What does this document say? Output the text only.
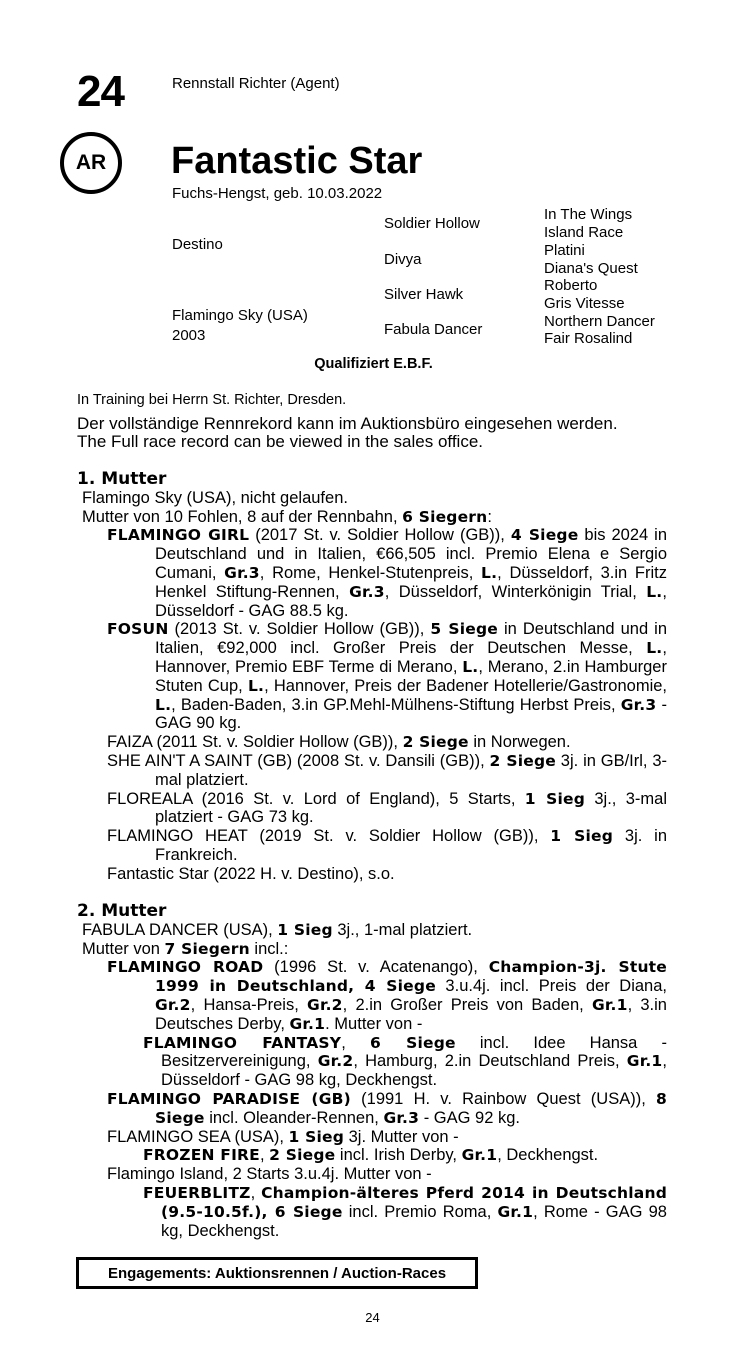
24	Rennstall Richter (Agent)
AR Fantastic Star
Fuchs-Hengst, geb. 10.03.2022
Destino
Flamingo Sky (USA)
2003
Soldier Hollow
Divya
Silver Hawk
Fabula Dancer
In The Wings
Island Race
Platini
Diana's Quest
Roberto
Gris Vitesse
Northern Dancer
Fair Rosalind
Qualifiziert E.B.F.
In Training bei Herrn St. Richter, Dresden.
Der vollständige Rennrekord kann im Auktionsbüro eingesehen werden.
The Full race record can be viewed in the sales office.
1. Mutter
Flamingo Sky (USA), nicht gelaufen.
Mutter von 10 Fohlen, 8 auf der Rennbahn, 6 Siegern:
FLAMINGO GIRL (2017 St. v. Soldier Hollow (GB)), 4 Siege bis 2024 in Deutschland und in Italien, €66,505 incl. Premio Elena e Sergio Cumani, Gr.3, Rome, Henkel-Stutenpreis, L., Düsseldorf, 3.in Fritz Henkel Stiftung-Rennen, Gr.3, Düsseldorf, Winterkönigin Trial, L., Düsseldorf - GAG 88.5 kg.
FOSUN (2013 St. v. Soldier Hollow (GB)), 5 Siege in Deutschland und in Italien, €92,000 incl. Großer Preis der Deutschen Messe, L., Hannover, Premio EBF Terme di Merano, L., Merano, 2.in Hamburger Stuten Cup, L., Hannover, Preis der Badener Hotellerie/Gastronomie, L., Baden-Baden, 3.in GP.Mehl-Mülhens-Stiftung Herbst Preis, Gr.3 - GAG 90 kg.
FAIZA (2011 St. v. Soldier Hollow (GB)), 2 Siege in Norwegen.
SHE AIN'T A SAINT (GB) (2008 St. v. Dansili (GB)), 2 Siege 3j. in GB/Irl, 3-mal platziert.
FLOREALA (2016 St. v. Lord of England), 5 Starts, 1 Sieg 3j., 3-mal platziert - GAG 73 kg.
FLAMINGO HEAT (2019 St. v. Soldier Hollow (GB)), 1 Sieg 3j. in Frankreich.
Fantastic Star (2022 H. v. Destino), s.o.
2. Mutter
FABULA DANCER (USA), 1 Sieg 3j., 1-mal platziert.
Mutter von 7 Siegern incl.:
FLAMINGO ROAD (1996 St. v. Acatenango), Champion-3j. Stute 1999 in Deutschland, 4 Siege 3.u.4j. incl. Preis der Diana, Gr.2, Hansa-Preis, Gr.2, 2.in Großer Preis von Baden, Gr.1, 3.in Deutsches Derby, Gr.1. Mutter von -
FLAMINGO FANTASY, 6 Siege incl. Idee Hansa - Besitzervereinigung, Gr.2, Hamburg, 2.in Deutschland Preis, Gr.1, Düsseldorf - GAG 98 kg, Deckhengst.
FLAMINGO PARADISE (GB) (1991 H. v. Rainbow Quest (USA)), 8 Siege incl. Oleander-Rennen, Gr.3 - GAG 92 kg.
FLAMINGO SEA (USA), 1 Sieg 3j. Mutter von -
FROZEN FIRE, 2 Siege incl. Irish Derby, Gr.1, Deckhengst.
Flamingo Island, 2 Starts 3.u.4j. Mutter von -
FEUERBLITZ, Champion-älteres Pferd 2014 in Deutschland (9.5-10.5f.), 6 Siege incl. Premio Roma, Gr.1, Rome - GAG 98 kg, Deckhengst.
Engagements: Auktionsrennen / Auction-Races
24
